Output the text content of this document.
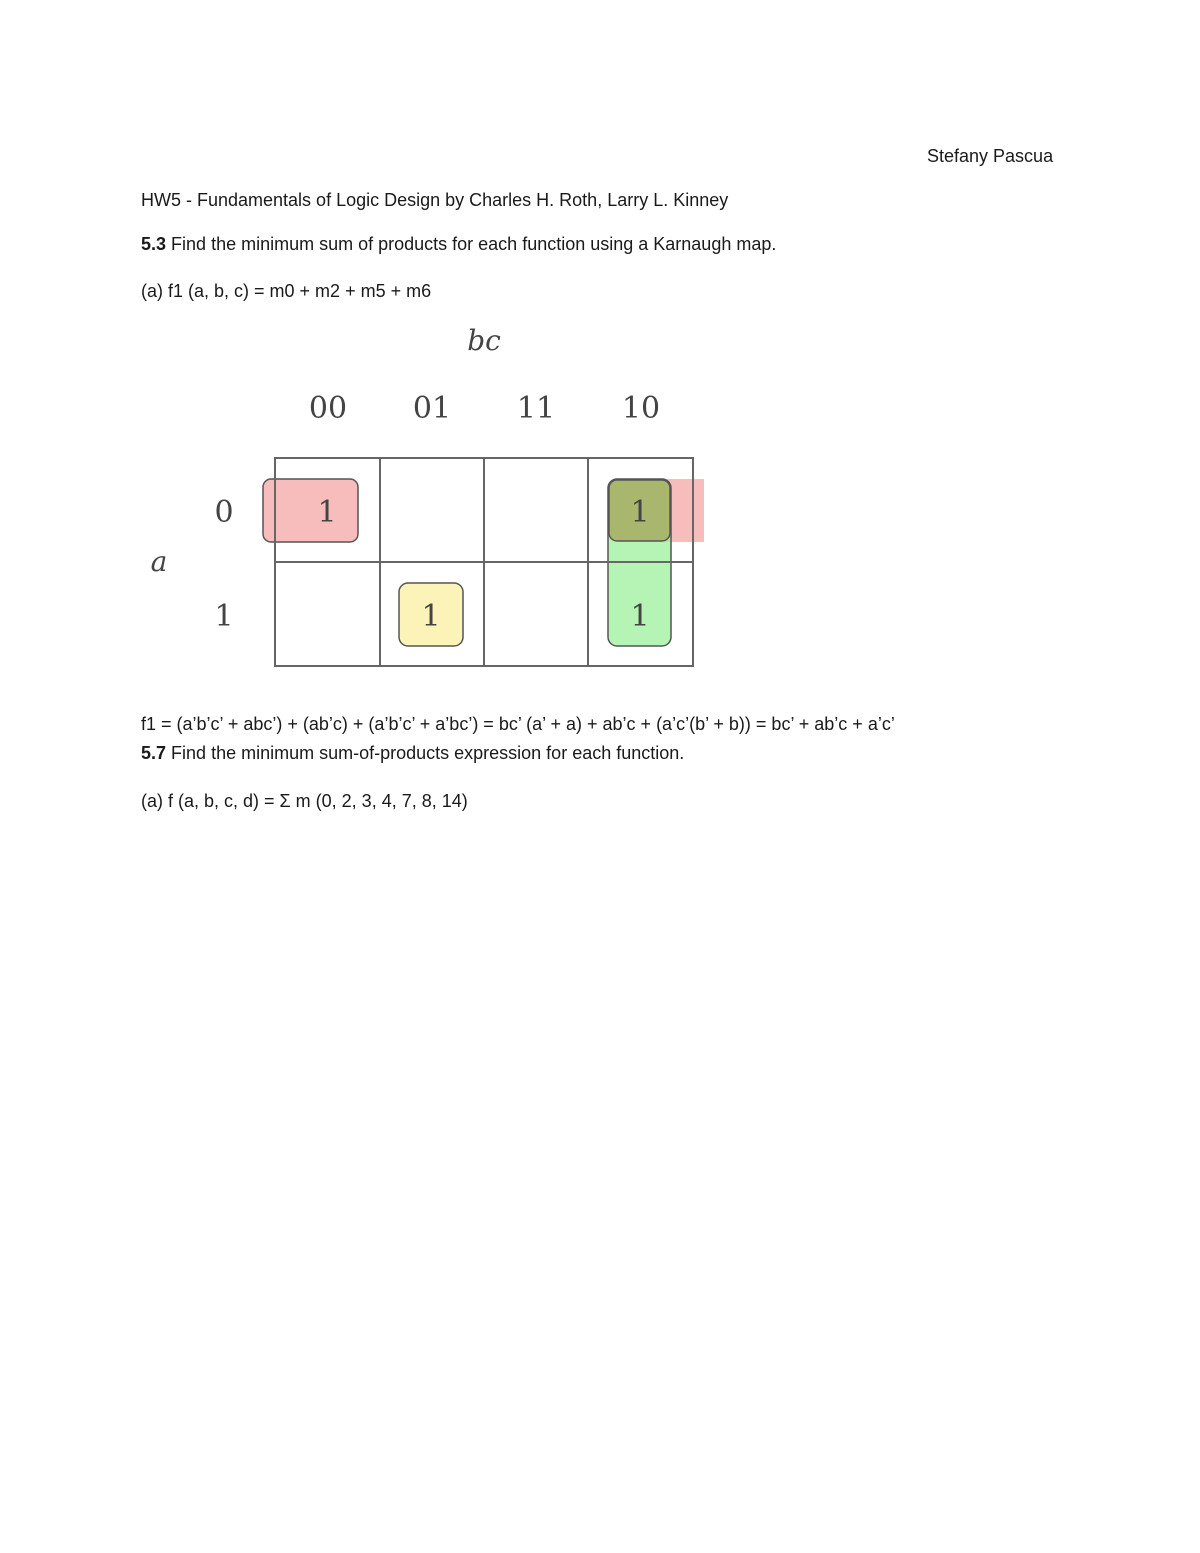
Stefany Pascua
HW5 - Fundamentals of Logic Design by Charles H. Roth, Larry L. Kinney
5.3 Find the minimum sum of products for each function using a Karnaugh map.
(a) f1 (a, b, c) = m0 + m2 + m5 + m6
bc
00 01 11 10
a
0
1
1	1
1	1
f1 = (a’b’c’ + abc’) + (ab’c) + (a’b’c’ + a’bc’) = bc’ (a’ + a) + ab’c + (a’c’(b’ + b)) = bc’ + ab’c + a’c’
5.7 Find the minimum sum-of-products expression for each function.
(a) f (a, b, c, d) = Σ m (0, 2, 3, 4, 7, 8, 14)
